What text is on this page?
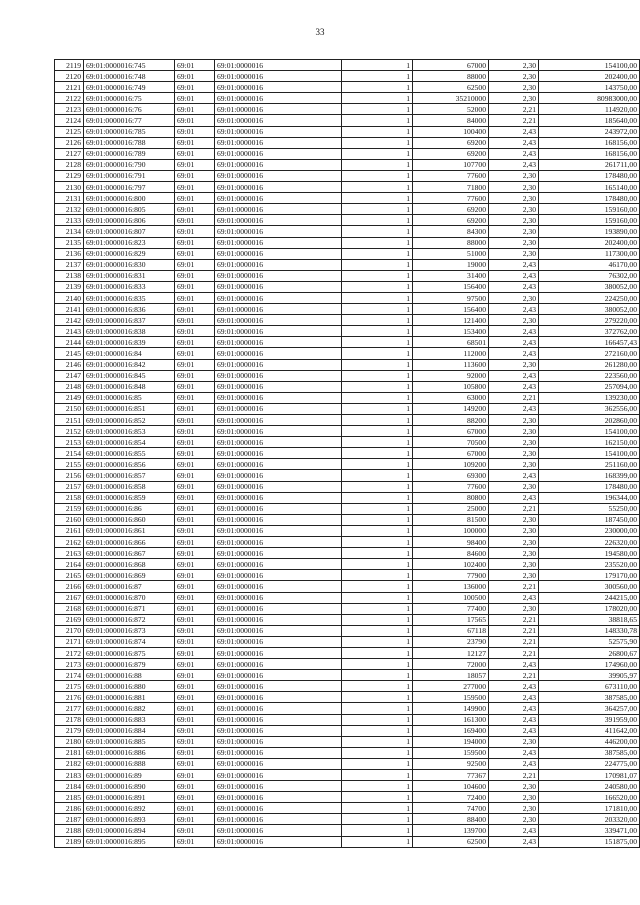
33
2119	69:01:0000016:745	69:01	69:01:0000016	1	67000	2,30	154100,00
2120	69:01:0000016:748	69:01	69:01:0000016	1	88000	2,30	202400,00
2121	69:01:0000016:749	69:01	69:01:0000016	1	62500	2,30	143750,00
2122	69:01:0000016:75	69:01	69:01:0000016	1	35210000	2,30	80983000,00
2123	69:01:0000016:76	69:01	69:01:0000016	1	52000	2,21	114920,00
2124	69:01:0000016:77	69:01	69:01:0000016	1	84000	2,21	185640,00
2125	69:01:0000016:785	69:01	69:01:0000016	1	100400	2,43	243972,00
2126	69:01:0000016:788	69:01	69:01:0000016	1	69200	2,43	168156,00
2127	69:01:0000016:789	69:01	69:01:0000016	1	69200	2,43	168156,00
2128	69:01:0000016:790	69:01	69:01:0000016	1	107700	2,43	261711,00
2129	69:01:0000016:791	69:01	69:01:0000016	1	77600	2,30	178480,00
2130	69:01:0000016:797	69:01	69:01:0000016	1	71800	2,30	165140,00
2131	69:01:0000016:800	69:01	69:01:0000016	1	77600	2,30	178480,00
2132	69:01:0000016:805	69:01	69:01:0000016	1	69200	2,30	159160,00
2133	69:01:0000016:806	69:01	69:01:0000016	1	69200	2,30	159160,00
2134	69:01:0000016:807	69:01	69:01:0000016	1	84300	2,30	193890,00
2135	69:01:0000016:823	69:01	69:01:0000016	1	88000	2,30	202400,00
2136	69:01:0000016:829	69:01	69:01:0000016	1	51000	2,30	117300,00
2137	69:01:0000016:830	69:01	69:01:0000016	1	19000	2,43	46170,00
2138	69:01:0000016:831	69:01	69:01:0000016	1	31400	2,43	76302,00
2139	69:01:0000016:833	69:01	69:01:0000016	1	156400	2,43	380052,00
2140	69:01:0000016:835	69:01	69:01:0000016	1	97500	2,30	224250,00
2141	69:01:0000016:836	69:01	69:01:0000016	1	156400	2,43	380052,00
2142	69:01:0000016:837	69:01	69:01:0000016	1	121400	2,30	279220,00
2143	69:01:0000016:838	69:01	69:01:0000016	1	153400	2,43	372762,00
2144	69:01:0000016:839	69:01	69:01:0000016	1	68501	2,43	166457,43
2145	69:01:0000016:84	69:01	69:01:0000016	1	112000	2,43	272160,00
2146	69:01:0000016:842	69:01	69:01:0000016	1	113600	2,30	261280,00
2147	69:01:0000016:845	69:01	69:01:0000016	1	92000	2,43	223560,00
2148	69:01:0000016:848	69:01	69:01:0000016	1	105800	2,43	257094,00
2149	69:01:0000016:85	69:01	69:01:0000016	1	63000	2,21	139230,00
2150	69:01:0000016:851	69:01	69:01:0000016	1	149200	2,43	362556,00
2151	69:01:0000016:852	69:01	69:01:0000016	1	88200	2,30	202860,00
2152	69:01:0000016:853	69:01	69:01:0000016	1	67000	2,30	154100,00
2153	69:01:0000016:854	69:01	69:01:0000016	1	70500	2,30	162150,00
2154	69:01:0000016:855	69:01	69:01:0000016	1	67000	2,30	154100,00
2155	69:01:0000016:856	69:01	69:01:0000016	1	109200	2,30	251160,00
2156	69:01:0000016:857	69:01	69:01:0000016	1	69300	2,43	168399,00
2157	69:01:0000016:858	69:01	69:01:0000016	1	77600	2,30	178480,00
2158	69:01:0000016:859	69:01	69:01:0000016	1	80800	2,43	196344,00
2159	69:01:0000016:86	69:01	69:01:0000016	1	25000	2,21	55250,00
2160	69:01:0000016:860	69:01	69:01:0000016	1	81500	2,30	187450,00
2161	69:01:0000016:861	69:01	69:01:0000016	1	100000	2,30	230000,00
2162	69:01:0000016:866	69:01	69:01:0000016	1	98400	2,30	226320,00
2163	69:01:0000016:867	69:01	69:01:0000016	1	84600	2,30	194580,00
2164	69:01:0000016:868	69:01	69:01:0000016	1	102400	2,30	235520,00
2165	69:01:0000016:869	69:01	69:01:0000016	1	77900	2,30	179170,00
2166	69:01:0000016:87	69:01	69:01:0000016	1	136000	2,21	300560,00
2167	69:01:0000016:870	69:01	69:01:0000016	1	100500	2,43	244215,00
2168	69:01:0000016:871	69:01	69:01:0000016	1	77400	2,30	178020,00
2169	69:01:0000016:872	69:01	69:01:0000016	1	17565	2,21	38818,65
2170	69:01:0000016:873	69:01	69:01:0000016	1	67118	2,21	148330,78
2171	69:01:0000016:874	69:01	69:01:0000016	1	23790	2,21	52575,90
2172	69:01:0000016:875	69:01	69:01:0000016	1	12127	2,21	26800,67
2173	69:01:0000016:879	69:01	69:01:0000016	1	72000	2,43	174960,00
2174	69:01:0000016:88	69:01	69:01:0000016	1	18057	2,21	39905,97
2175	69:01:0000016:880	69:01	69:01:0000016	1	277000	2,43	673110,00
2176	69:01:0000016:881	69:01	69:01:0000016	1	159500	2,43	387585,00
2177	69:01:0000016:882	69:01	69:01:0000016	1	149900	2,43	364257,00
2178	69:01:0000016:883	69:01	69:01:0000016	1	161300	2,43	391959,00
2179	69:01:0000016:884	69:01	69:01:0000016	1	169400	2,43	411642,00
2180	69:01:0000016:885	69:01	69:01:0000016	1	194000	2,30	446200,00
2181	69:01:0000016:886	69:01	69:01:0000016	1	159500	2,43	387585,00
2182	69:01:0000016:888	69:01	69:01:0000016	1	92500	2,43	224775,00
2183	69:01:0000016:89	69:01	69:01:0000016	1	77367	2,21	170981,07
2184	69:01:0000016:890	69:01	69:01:0000016	1	104600	2,30	240580,00
2185	69:01:0000016:891	69:01	69:01:0000016	1	72400	2,30	166520,00
2186	69:01:0000016:892	69:01	69:01:0000016	1	74700	2,30	171810,00
2187	69:01:0000016:893	69:01	69:01:0000016	1	88400	2,30	203320,00
2188	69:01:0000016:894	69:01	69:01:0000016	1	139700	2,43	339471,00
2189	69:01:0000016:895	69:01	69:01:0000016	1	62500	2,43	151875,00
